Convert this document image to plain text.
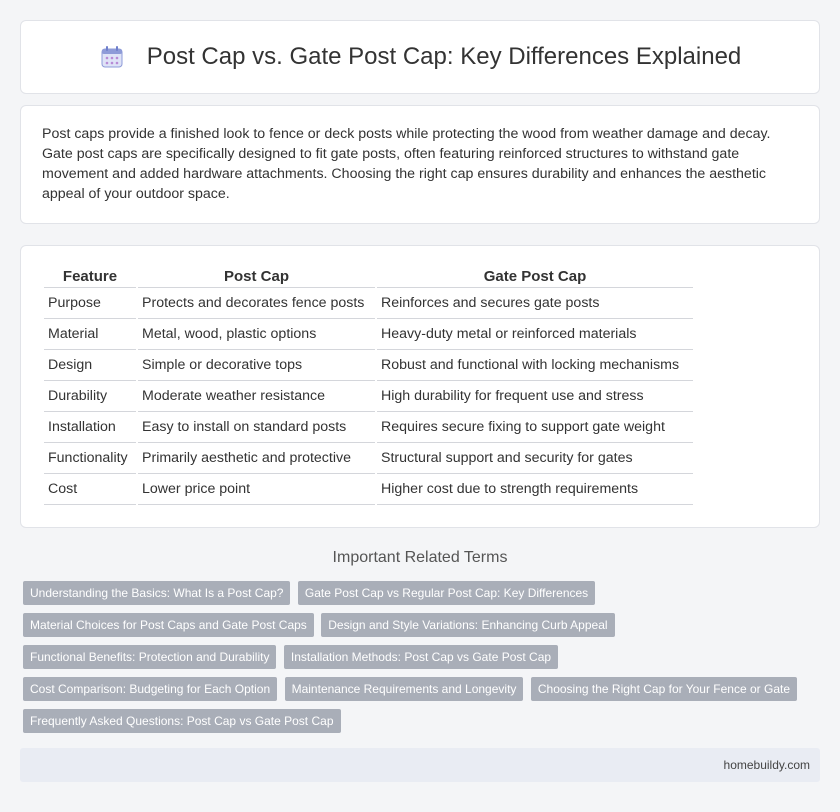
Post Cap vs. Gate Post Cap: Key Differences Explained

Post caps provide a finished look to fence or deck posts while protecting the wood from weather damage and decay. Gate post caps are specifically designed to fit gate posts, often featuring reinforced structures to withstand gate movement and added hardware attachments. Choosing the right cap ensures durability and enhances the aesthetic appeal of your outdoor space.

Feature	Post Cap	Gate Post Cap
Purpose	Protects and decorates fence posts	Reinforces and secures gate posts
Material	Metal, wood, plastic options	Heavy-duty metal or reinforced materials
Design	Simple or decorative tops	Robust and functional with locking mechanisms
Durability	Moderate weather resistance	High durability for frequent use and stress
Installation	Easy to install on standard posts	Requires secure fixing to support gate weight
Functionality	Primarily aesthetic and protective	Structural support and security for gates
Cost	Lower price point	Higher cost due to strength requirements
Important Related Terms
Understanding the Basics: What Is a Post Cap? Gate Post Cap vs Regular Post Cap: Key Differences
Material Choices for Post Caps and Gate Post Caps Design and Style Variations: Enhancing Curb Appeal
Functional Benefits: Protection and Durability Installation Methods: Post Cap vs Gate Post Cap
Cost Comparison: Budgeting for Each Option Maintenance Requirements and Longevity Choosing the Right Cap for Your Fence or Gate
Frequently Asked Questions: Post Cap vs Gate Post Cap
homebuildy.com
